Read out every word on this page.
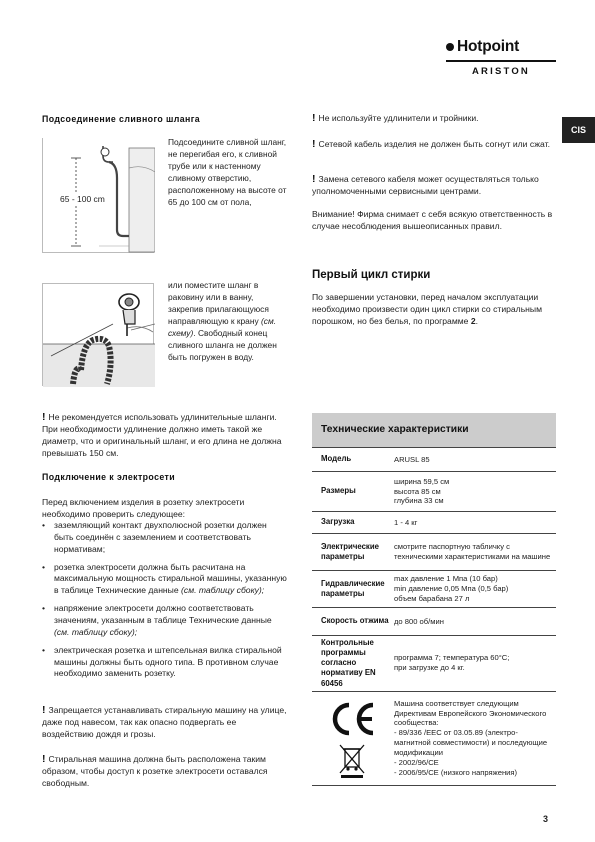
Hotpoint
ARISTON
CIS
Подсоединение сливного шланга
65 - 100 cm
Подсоедините сливной шланг, не перегибая его, к сливной трубе или к настенному сливному отверстию, расположенному на высоте от 65 до 100 см от пола,
или поместите шланг в раковину или в ванну, закрепив прилагающуюся направляющую к крану (см. схему). Свободный конец сливного шланга не должен быть погружен в воду.
! Не рекомендуется использовать удлинительные шланги. При необходимости удлинение должно иметь такой же диаметр, что и оригинальный шланг, и его длина не должна превышать 150 см.
Подключение к электросети
Перед включением изделия в розетку электросети необходимо проверить следующее:
• заземляющий контакт двухполюсной розетки должен быть соединён с заземлением и соответствовать нормативам;
• розетка электросети должна быть расчитана на максимальную мощность стиральной машины, указанную в таблице Технические данные (см. таблицу сбоку);
• напряжение электросети должно соответствовать значениям, указанным в таблице Технические данные (см. таблицу сбоку);
• электрическая розетка и штепсельная вилка стиральной машины должны быть одного типа. В противном случае необходимо заменить розетку.
! Запрещается устанавливать стиральную машину на улице, даже под навесом, так как опасно подвергать ее воздействию дождя и грозы.
! Стиральная машина должна быть расположена таким образом, чтобы доступ к розетке электросети оставался свободным.
! Не используйте удлинители и тройники.
! Сетевой кабель изделия не должен быть согнут или сжат.
! Замена сетевого кабеля может осуществляться только уполномоченными сервисными центрами.
Внимание! Фирма снимает с себя всякую ответственность в случае несоблюдения вышеописанных правил.
Первый цикл стирки
По завершении установки, перед началом эксплуатации необходимо произвести один цикл стирки со стиральным порошком, но без белья, по программе 2.
Технические характеристики
Модель	ARUSL 85
Размеры	ширина 59,5 см
высота 85 см
глубина 33 см
Загрузка	1 - 4 кг
Электрические параметры	смотрите паспортную табличку с техническими характеристиками на машине
Гидравлические параметры	max давление 1 Мпа (10 бар)
min давление 0,05 Мпа (0,5 бар)
объем барабана 27 л
Скорость отжима	до 800 об/мин
Контрольные программы согласно нормативу EN 60456	программа 7; температура 60°С;
при загрузке до 4 кг.
	Машина соответствует следующим Директивам Европейского Экономического сообщества:
- 89/336 /EEC от 03.05.89 (электро-магнитной совместимости) и последующие модификации
- 2002/96/CE
- 2006/95/CE (низкого напряжения)
3
